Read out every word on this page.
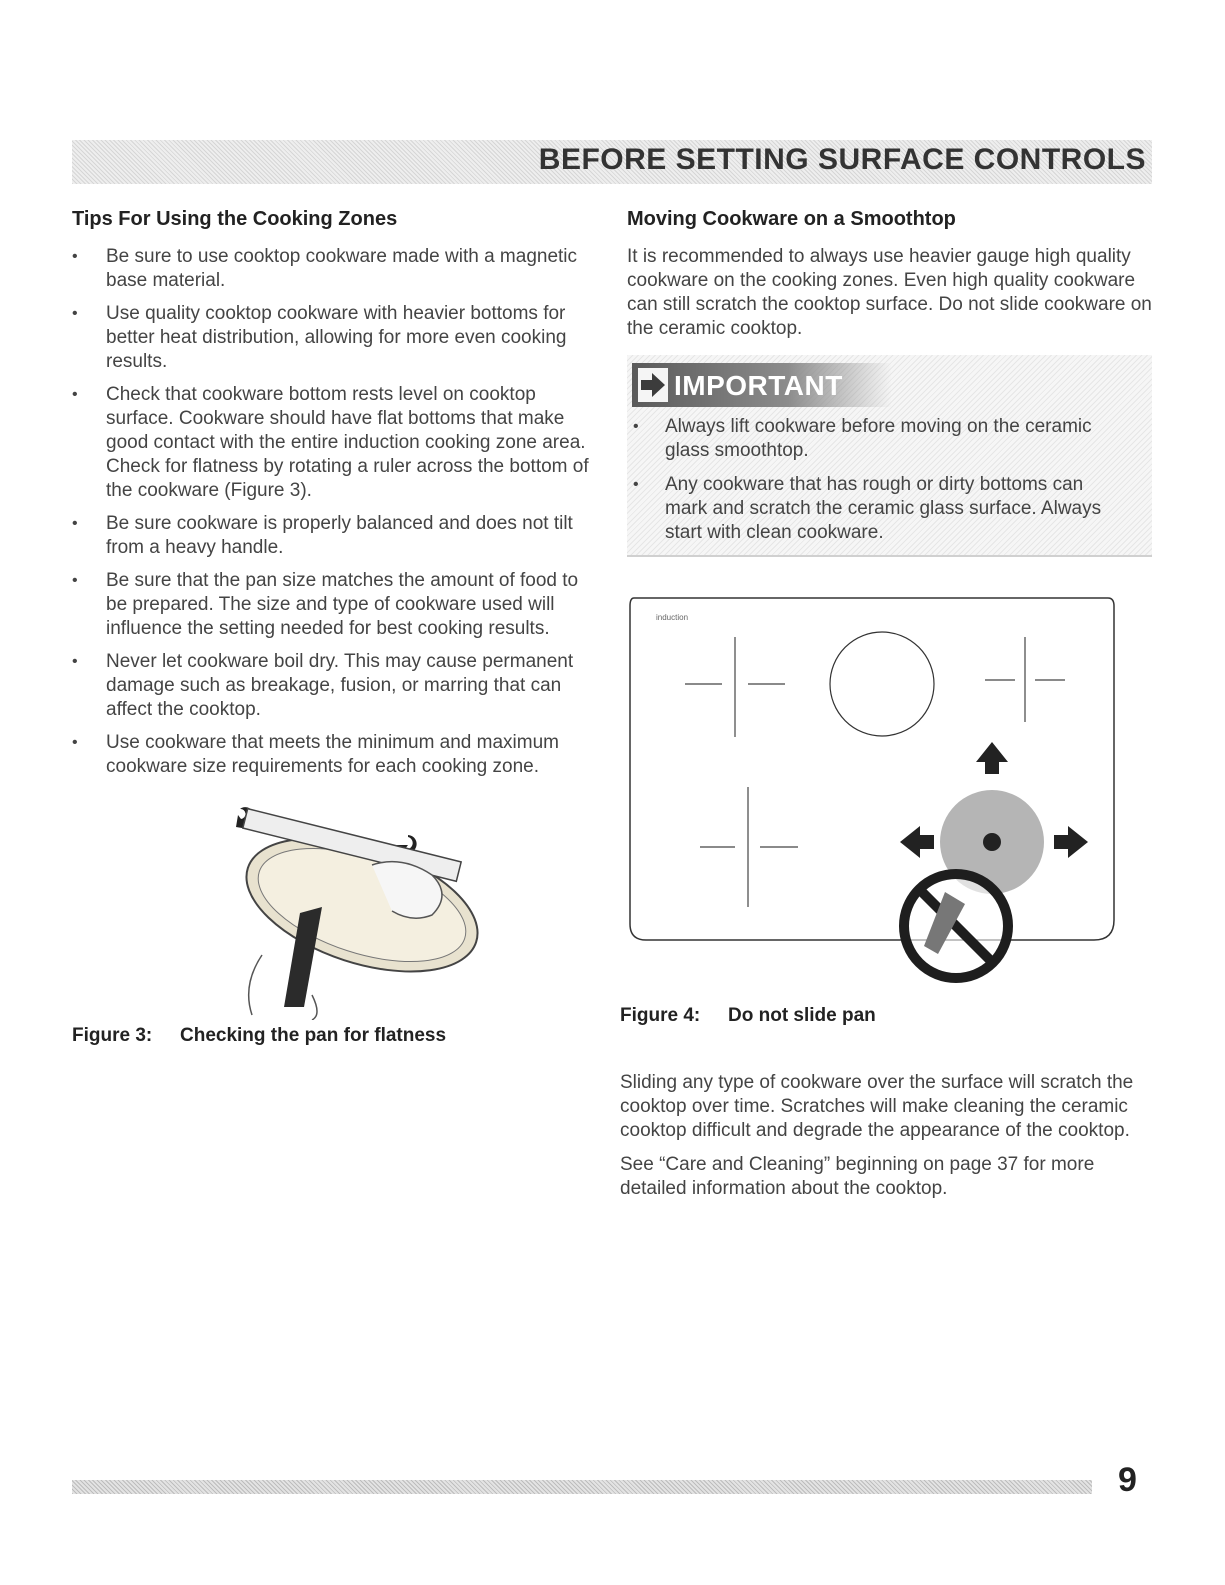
BEFORE SETTING SURFACE CONTROLS
Tips For Using the Cooking Zones
• Be sure to use cooktop cookware made with a magnetic base material.
• Use quality cooktop cookware with heavier bottoms for better heat distribution, allowing for more even cooking results.
• Check that cookware bottom rests level on cooktop surface. Cookware should have flat bottoms that make good contact with the entire induction cooking zone area. Check for flatness by rotating a ruler across the bottom of the cookware (Figure 3).
• Be sure cookware is properly balanced and does not tilt from a heavy handle.
• Be sure that the pan size matches the amount of food to be prepared. The size and type of cookware used will influence the setting needed for best cooking results.
• Never let cookware boil dry. This may cause permanent damage such as breakage, fusion, or marring that can affect the cooktop.
• Use cookware that meets the minimum and maximum cookware size requirements for each cooking zone.

Figure 3: Checking the pan for flatness

Moving Cookware on a Smoothtop

It is recommended to always use heavier gauge high quality cookware on the cooking zones. Even high quality cookware can still scratch the cooktop surface. Do not slide cookware on the ceramic cooktop.

IMPORTANT

• Always lift cookware before moving on the ceramic glass smoothtop.
• Any cookware that has rough or dirty bottoms can mark and scratch the ceramic glass surface. Always start with clean cookware.
induction

Figure 4: Do not slide pan

Sliding any type of cookware over the surface will scratch the cooktop over time. Scratches will make cleaning the ceramic cooktop difficult and degrade the appearance of the cooktop.

See “Care and Cleaning” beginning on page 37 for more detailed information about the cooktop.

9
